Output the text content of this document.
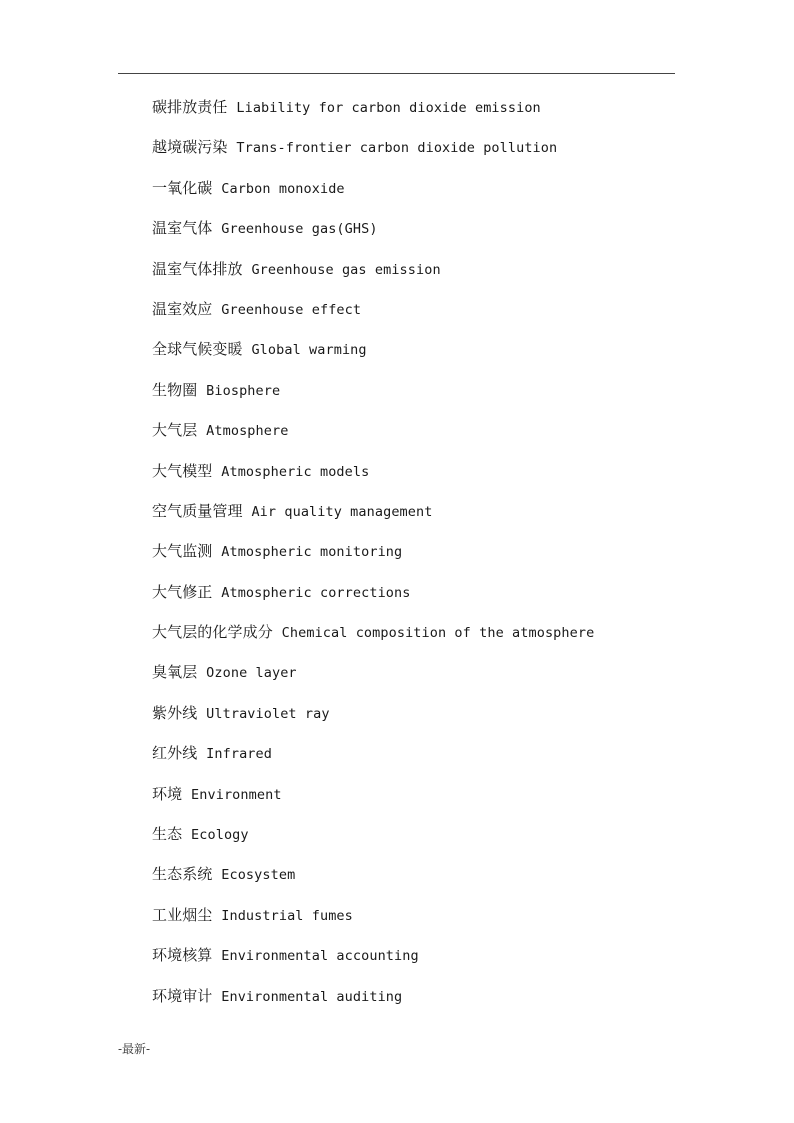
碳排放责任 Liability for carbon dioxide emission
越境碳污染 Trans-frontier carbon dioxide pollution
一氧化碳 Carbon monoxide
温室气体 Greenhouse gas(GHS)
温室气体排放 Greenhouse gas emission
温室效应 Greenhouse effect
全球气候变暖 Global warming
生物圈 Biosphere
大气层 Atmosphere
大气模型 Atmospheric models
空气质量管理 Air quality management
大气监测 Atmospheric monitoring
大气修正 Atmospheric corrections
大气层的化学成分 Chemical composition of the atmosphere
臭氧层 Ozone layer
紫外线 Ultraviolet ray
红外线 Infrared
环境 Environment
生态 Ecology
生态系统 Ecosystem
工业烟尘 Industrial fumes
环境核算 Environmental accounting
环境审计 Environmental auditing
-最新-
